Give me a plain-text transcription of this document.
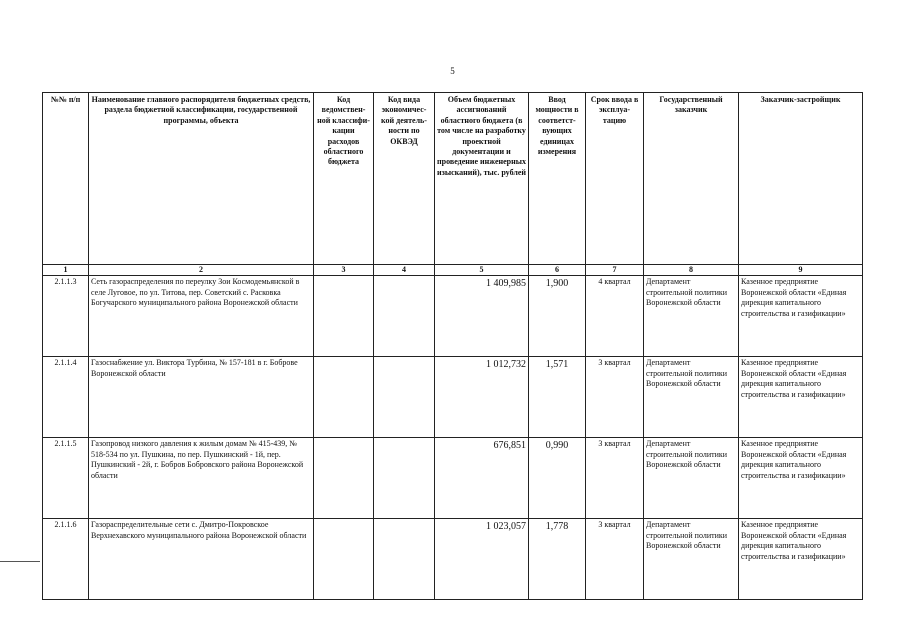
5
№№ п/п	Наименование главного распорядителя бюджетных средств, раздела бюджетной классификации, государственной программы, объекта	Код ведомствен-ной классифи-кации расходов областного бюджета	Код вида экономичес-кой деятель-ности по ОКВЭД	Объем бюджетных ассигнований областного бюджета (в том числе на разработку проектной документации и проведение инженерных изысканий), тыс. рублей	Ввод мощности в соответст-вующих единицах измерения	Срок ввода в эксплуа-тацию	Государственный заказчик	Заказчик-застройщик
1	2	3	4	5	6	7	8	9
2.1.1.3	Сеть газораспределения по переулку Зои Космодемьянской в селе Луговое, по ул. Титова, пер. Советский с. Расковка Богучарского муниципального района Воронежской области			1 409,985	1,900	4 квартал	Департамент строительной политики Воронежской области	Казенное предприятие Воронежской области «Единая дирекция капитального строительства и газификации»
2.1.1.4	Газоснабжение ул. Виктора Турбина, № 157-181 в г. Боброве Воронежской области			1 012,732	1,571	3 квартал	Департамент строительной политики Воронежской области	Казенное предприятие Воронежской области «Единая дирекция капитального строительства и газификации»
2.1.1.5	Газопровод низкого давления к жилым домам № 415-439, № 518-534 по ул. Пушкина, по пер. Пушкинский - 1й, пер. Пушкинский - 2й, г. Бобров Бобровского района Воронежской области			676,851	0,990	3 квартал	Департамент строительной политики Воронежской области	Казенное предприятие Воронежской области «Единая дирекция капитального строительства и газификации»
2.1.1.6	Газораспределительные сети с. Дмитро-Покровское Верхнехавского муниципального района Воронежской области			1 023,057	1,778	3 квартал	Департамент строительной политики Воронежской области	Казенное предприятие Воронежской области «Единая дирекция капитального строительства и газификации»
